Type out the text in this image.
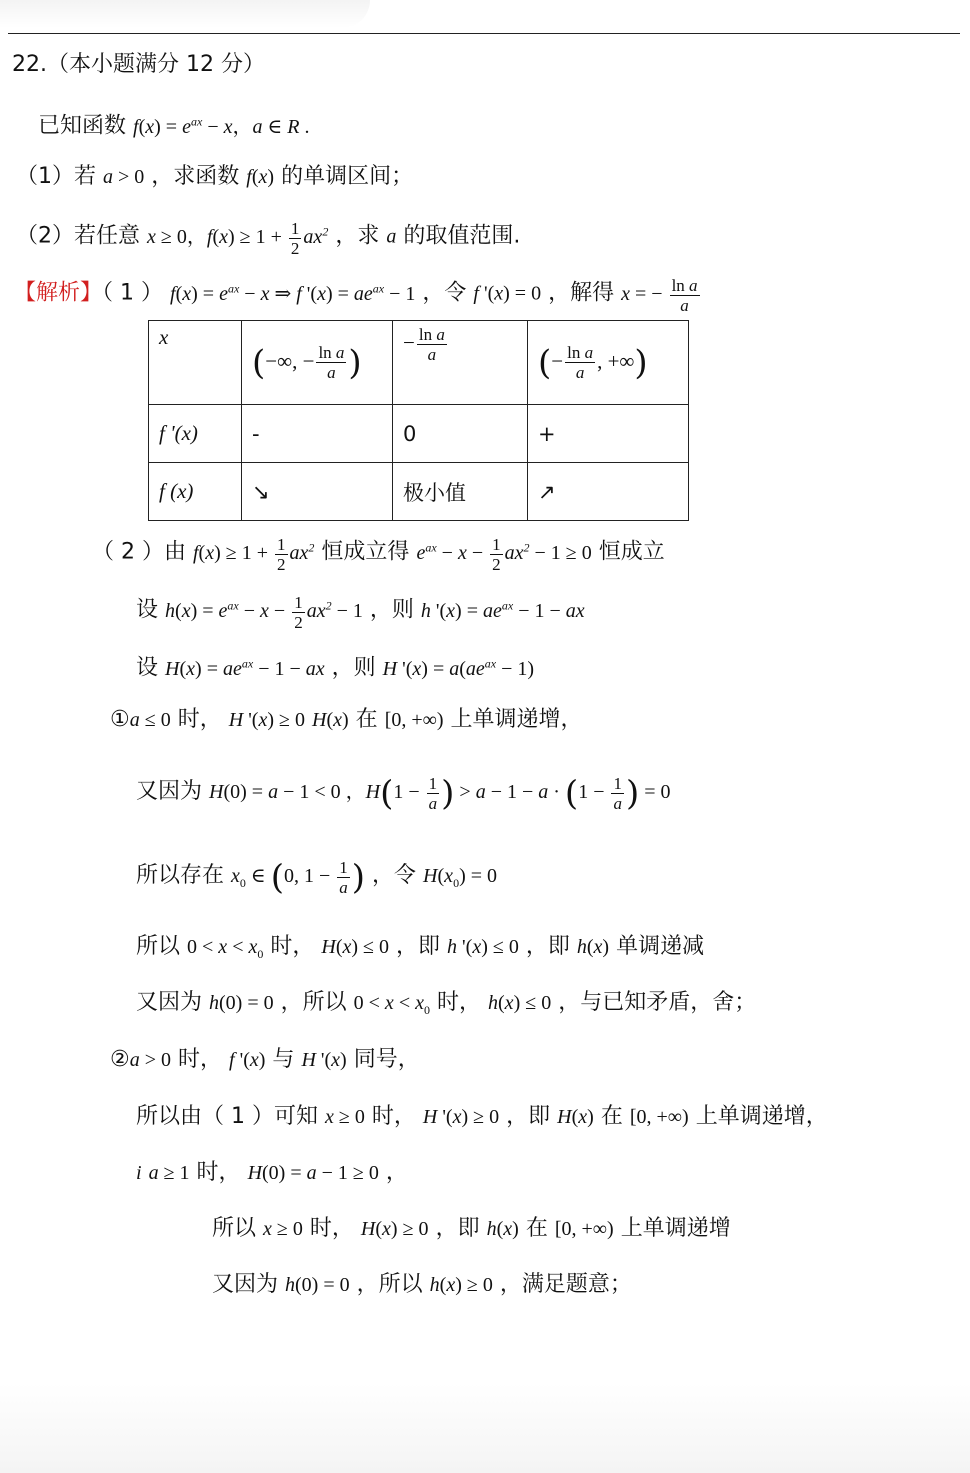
22.（本小题满分 12 分）
已知函数 $f(x) = e^{ax} - x$，a ∈ R .
（1）若 a > 0 ，求函数 f(x) 的单调区间；
（2）若任意 x ≥ 0，$f(x) \ge 1 + \frac{1}{2} ax^2$ ，求 a 的取值范围.
【解析】（ 1 ） $f(x) = e^{ax} - x$ ⇒ f '$(x) = ae^{ax} - 1$ ，令 f '(x) = 0 ，解得 x = − $\frac{\text{ln a}}{a}$
x	(−∞, − $\frac{\text{ln a}}{a}$ )	− $\frac{\text{ln a}}{a}$	(− $\frac{\text{ln a}}{a}$ , +∞)
f '(x)	-	0	+
f (x)	↘	极小值	↗
（ 2 ）由 $f(x) \ge 1 + \frac{1}{2} ax^2$ 恒成立得 $e^{ax} - x - \frac{1}{2} ax^2 - 1 \ge 0$ 恒成立
设 $h(x) = e^{ax} - x - \frac{1}{2} ax^2 - 1$ ，则 h '$(x) = ae^{ax} - 1$ − ax
设 $H(x) = ae^{ax} - 1$ − ax ，则 H '$(x) = a(ae^{ax} - 1)$
①a ≤ 0 时， H '(x) ≥ 0 H(x) 在 [0, +∞) 上单调递增，
又因为 H(0) = a − 1 < 0 ，$H(1 - \frac{1}{a}$ ) > $a - 1 - a \cdot (1 - \frac{1}{a}$ ) = 0
所以存在 $x_0$ ∈ (0, $1 - \frac{1}{a}$ ) ，令 $H(x_0) = 0$
所以 $0 < x < x_0$ 时， H(x) ≤ 0 ，即 h '(x) ≤ 0 ，即 h(x) 单调递减
又因为 h(0) = 0 ，所以 $0 < x < x_0$ 时， h(x) ≤ 0 ，与已知矛盾，舍；
②a > 0 时， f '(x) 与 H '(x) 同号，
所以由（ 1 ）可知 x ≥ 0 时， H '(x) ≥ 0 ，即 H(x) 在 [0, +∞) 上单调递增，
i a ≥ 1 时， H(0) = a − 1 ≥ 0 ，
所以 x ≥ 0 时， H(x) ≥ 0 ，即 h(x) 在 [0, +∞) 上单调递增
又因为 h(0) = 0 ，所以 h(x) ≥ 0 ，满足题意；
